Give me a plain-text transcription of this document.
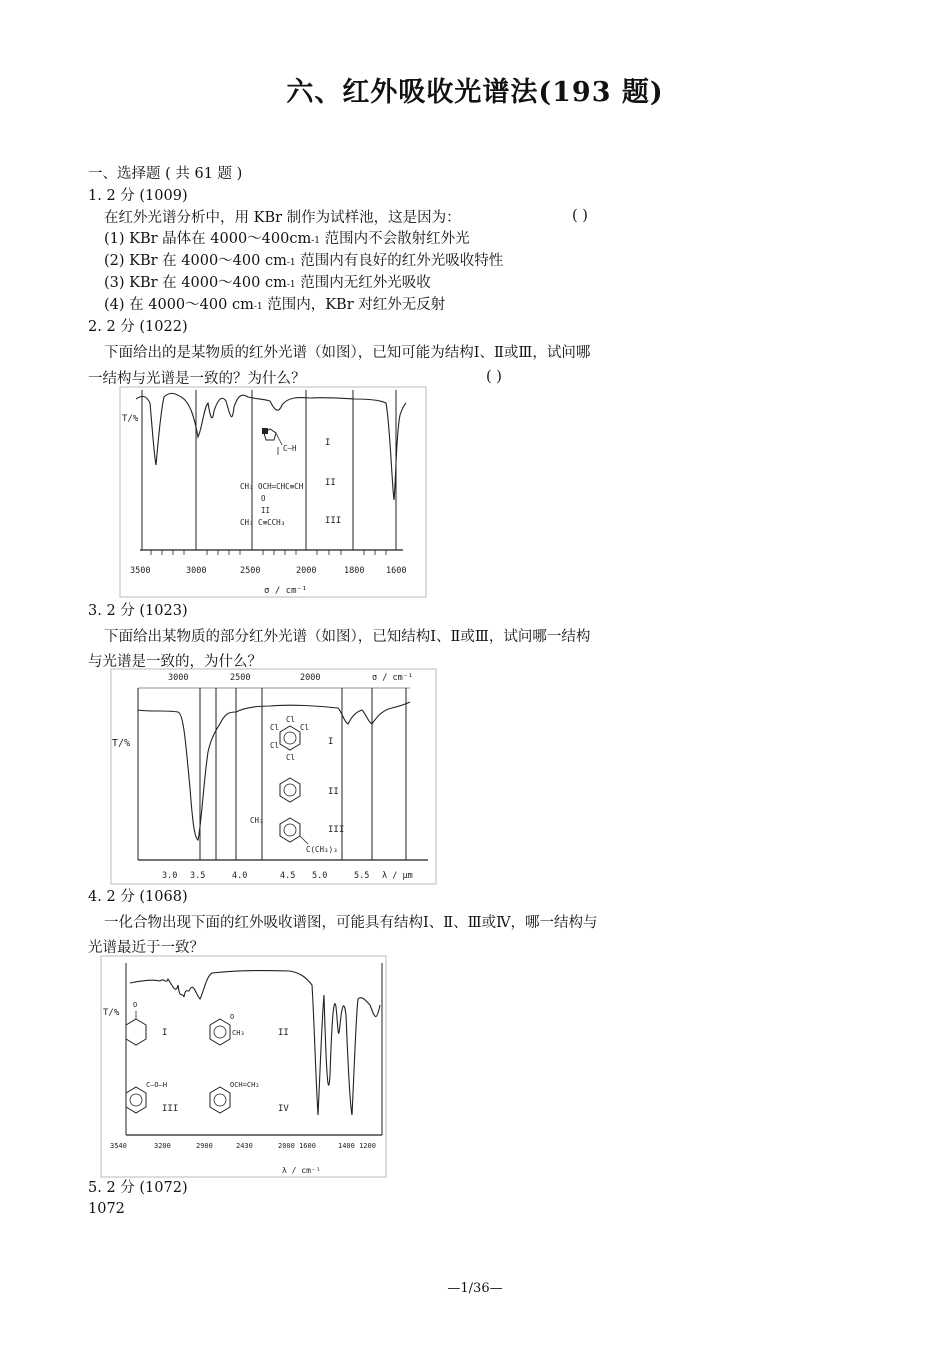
六、红外吸收光谱法(193 题)
一、选择题 ( 共 61 题 )
1. 2 分 (1009)
在红外光谱分析中，用 KBr 制作为试样池，这是因为：	( )
(1) KBr 晶体在 4000～400cm-1 范围内不会散射红外光
(2) KBr 在 4000～400 cm-1 范围内有良好的红外光吸收特性
(3) KBr 在 4000～400 cm-1 范围内无红外光吸收
(4) 在 4000～400 cm-1 范围内，KBr 对红外无反射
2. 2 分 (1022)
下面给出的是某物质的红外光谱（如图），已知可能为结构Ⅰ、Ⅱ或Ⅲ，试问哪
一结构与光谱是一致的？为什么？	( )
T/%
3500	3000	2500	2000	1800	1600
σ / cm⁻¹
C—H
CH₃ OCH=CHC≡CH
O
II
CH₃ C≡CCH₃
I
II
III
3. 2 分 (1023)
下面给出某物质的部分红外光谱（如图），已知结构Ⅰ、Ⅱ或Ⅲ，试问哪一结构
与光谱是一致的，为什么？
3000	2500	2000	σ / cm⁻¹
T/%
Cl
Cl
Cl
Cl
Cl
CH₃
C(CH₃)₃
I
II
III
3.0 3.5	4.0	4.5 5.0	5.5 λ / μm
4. 2 分 (1068)
一化合物出现下面的红外吸收谱图，可能具有结构Ⅰ、Ⅱ、Ⅲ或Ⅳ，哪一结构与
光谱最近于一致？
T/%
O
O
CH₃
C—O—H	OCH=CH₂
I	II
III	IV
3540	3200	2900	2430	2000 1600	1400 1200
λ / cm⁻¹
5. 2 分 (1072)
1072
—1/36—
